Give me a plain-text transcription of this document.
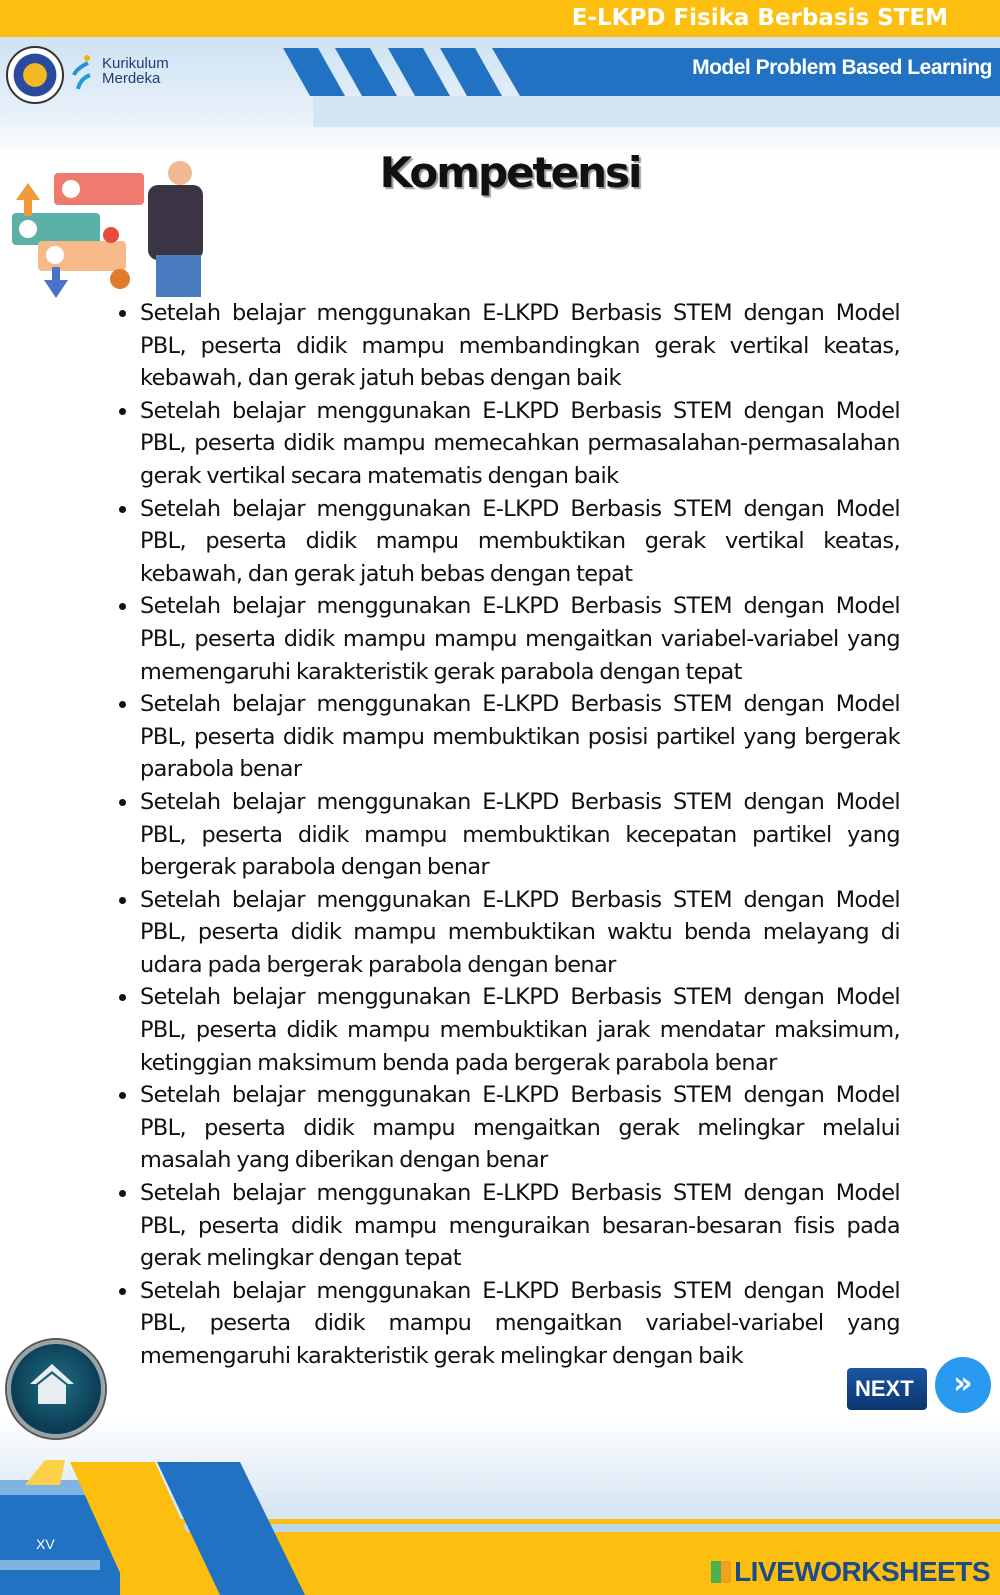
E-LKPD Fisika Berbasis STEM
Model Problem Based Learning
Kurikulum
Merdeka
Kompetensi
Setelah belajar menggunakan E-LKPD Berbasis STEM dengan Model PBL, peserta didik mampu membandingkan gerak vertikal keatas, kebawah, dan gerak jatuh bebas dengan baik
Setelah belajar menggunakan E-LKPD Berbasis STEM dengan Model PBL, peserta didik mampu memecahkan permasalahan-permasalahan gerak vertikal secara matematis dengan baik
Setelah belajar menggunakan E-LKPD Berbasis STEM dengan Model PBL, peserta didik mampu membuktikan gerak vertikal keatas, kebawah, dan gerak jatuh bebas dengan tepat
Setelah belajar menggunakan E-LKPD Berbasis STEM dengan Model PBL, peserta didik mampu mampu mengaitkan variabel-variabel yang memengaruhi karakteristik gerak parabola dengan tepat
Setelah belajar menggunakan E-LKPD Berbasis STEM dengan Model PBL, peserta didik mampu membuktikan posisi partikel yang bergerak parabola benar
Setelah belajar menggunakan E-LKPD Berbasis STEM dengan Model PBL, peserta didik mampu membuktikan kecepatan partikel yang bergerak parabola dengan benar
Setelah belajar menggunakan E-LKPD Berbasis STEM dengan Model PBL, peserta didik mampu membuktikan waktu benda melayang di udara pada bergerak parabola dengan benar
Setelah belajar menggunakan E-LKPD Berbasis STEM dengan Model PBL, peserta didik mampu membuktikan jarak mendatar maksimum, ketinggian maksimum benda pada bergerak parabola benar
Setelah belajar menggunakan E-LKPD Berbasis STEM dengan Model PBL, peserta didik mampu mengaitkan gerak melingkar melalui masalah yang diberikan dengan benar
Setelah belajar menggunakan E-LKPD Berbasis STEM dengan Model PBL, peserta didik mampu menguraikan besaran-besaran fisis pada gerak melingkar dengan tepat
Setelah belajar menggunakan E-LKPD Berbasis STEM dengan Model PBL, peserta didik mampu mengaitkan variabel-variabel yang memengaruhi karakteristik gerak melingkar dengan baik
XV
LIVEWORKSHEETS
NEXT	»
